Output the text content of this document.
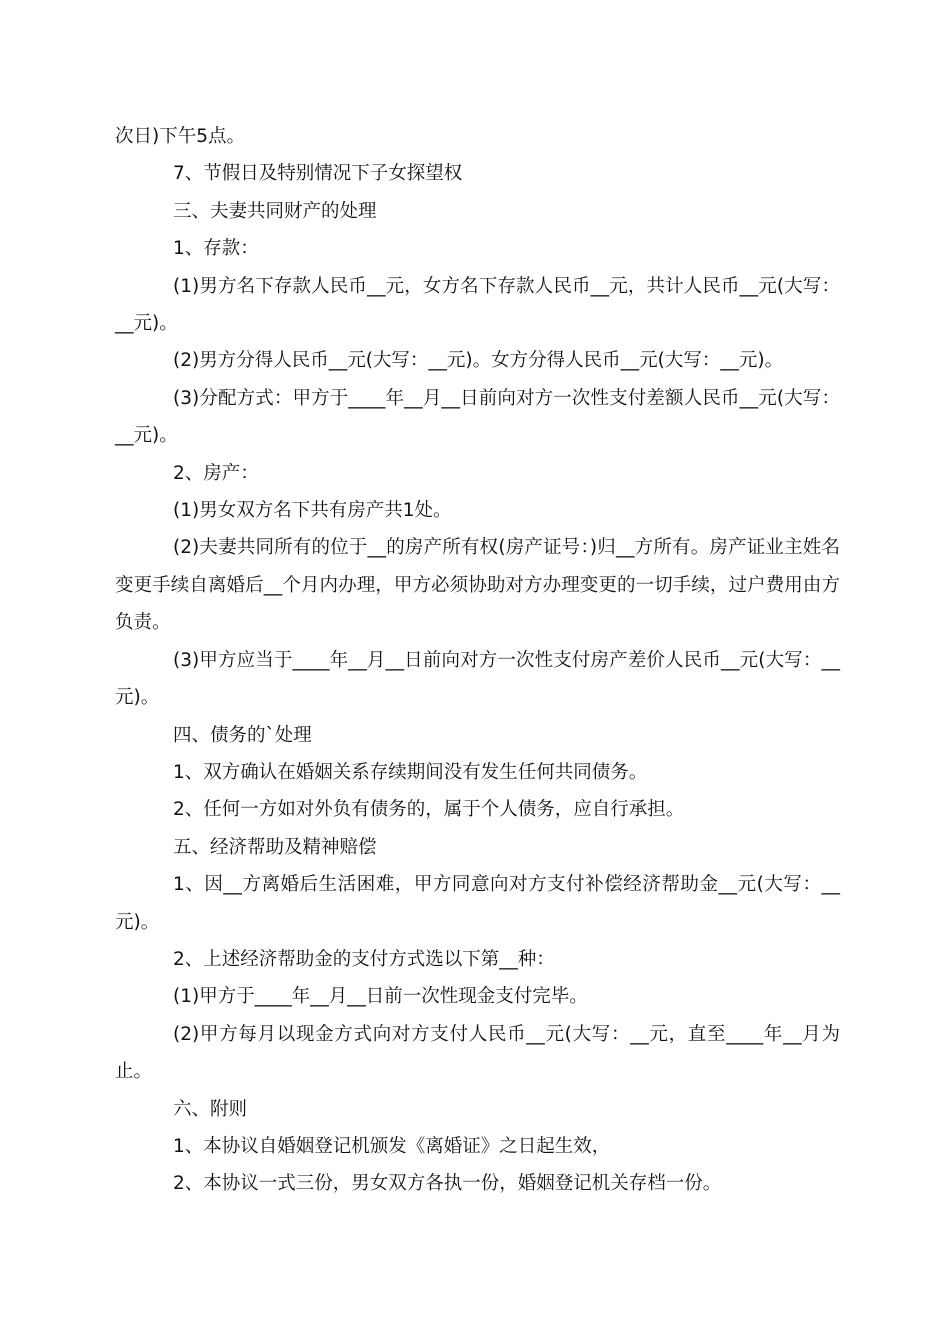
次日)下午5点。

7、节假日及特别情况下子女探望权

三、夫妻共同财产的处理

1、存款：

(1)男方名下存款人民币__元，女方名下存款人民币__元，共计人民币__元(大写：__元)。

(2)男方分得人民币__元(大写：__元)。女方分得人民币__元(大写：__元)。

(3)分配方式：甲方于____年__月__日前向对方一次性支付差额人民币__元(大写：__元)。

2、房产：

(1)男女双方名下共有房产共1处。

(2)夫妻共同所有的位于__的房产所有权(房产证号：)归__方所有。房产证业主姓名变更手续自离婚后__个月内办理，甲方必须协助对方办理变更的一切手续，过户费用由方负责。

(3)甲方应当于____年__月__日前向对方一次性支付房产差价人民币__元(大写：__元)。

四、债务的`处理

1、双方确认在婚姻关系存续期间没有发生任何共同债务。

2、任何一方如对外负有债务的，属于个人债务，应自行承担。

五、经济帮助及精神赔偿

1、因__方离婚后生活困难，甲方同意向对方支付补偿经济帮助金__元(大写：__元)。

2、上述经济帮助金的支付方式选以下第__种：

(1)甲方于____年__月__日前一次性现金支付完毕。

(2)甲方每月以现金方式向对方支付人民币__元(大写：__元，直至____年__月为止。

六、附则

1、本协议自婚姻登记机颁发《离婚证》之日起生效，

2、本协议一式三份，男女双方各执一份，婚姻登记机关存档一份。
